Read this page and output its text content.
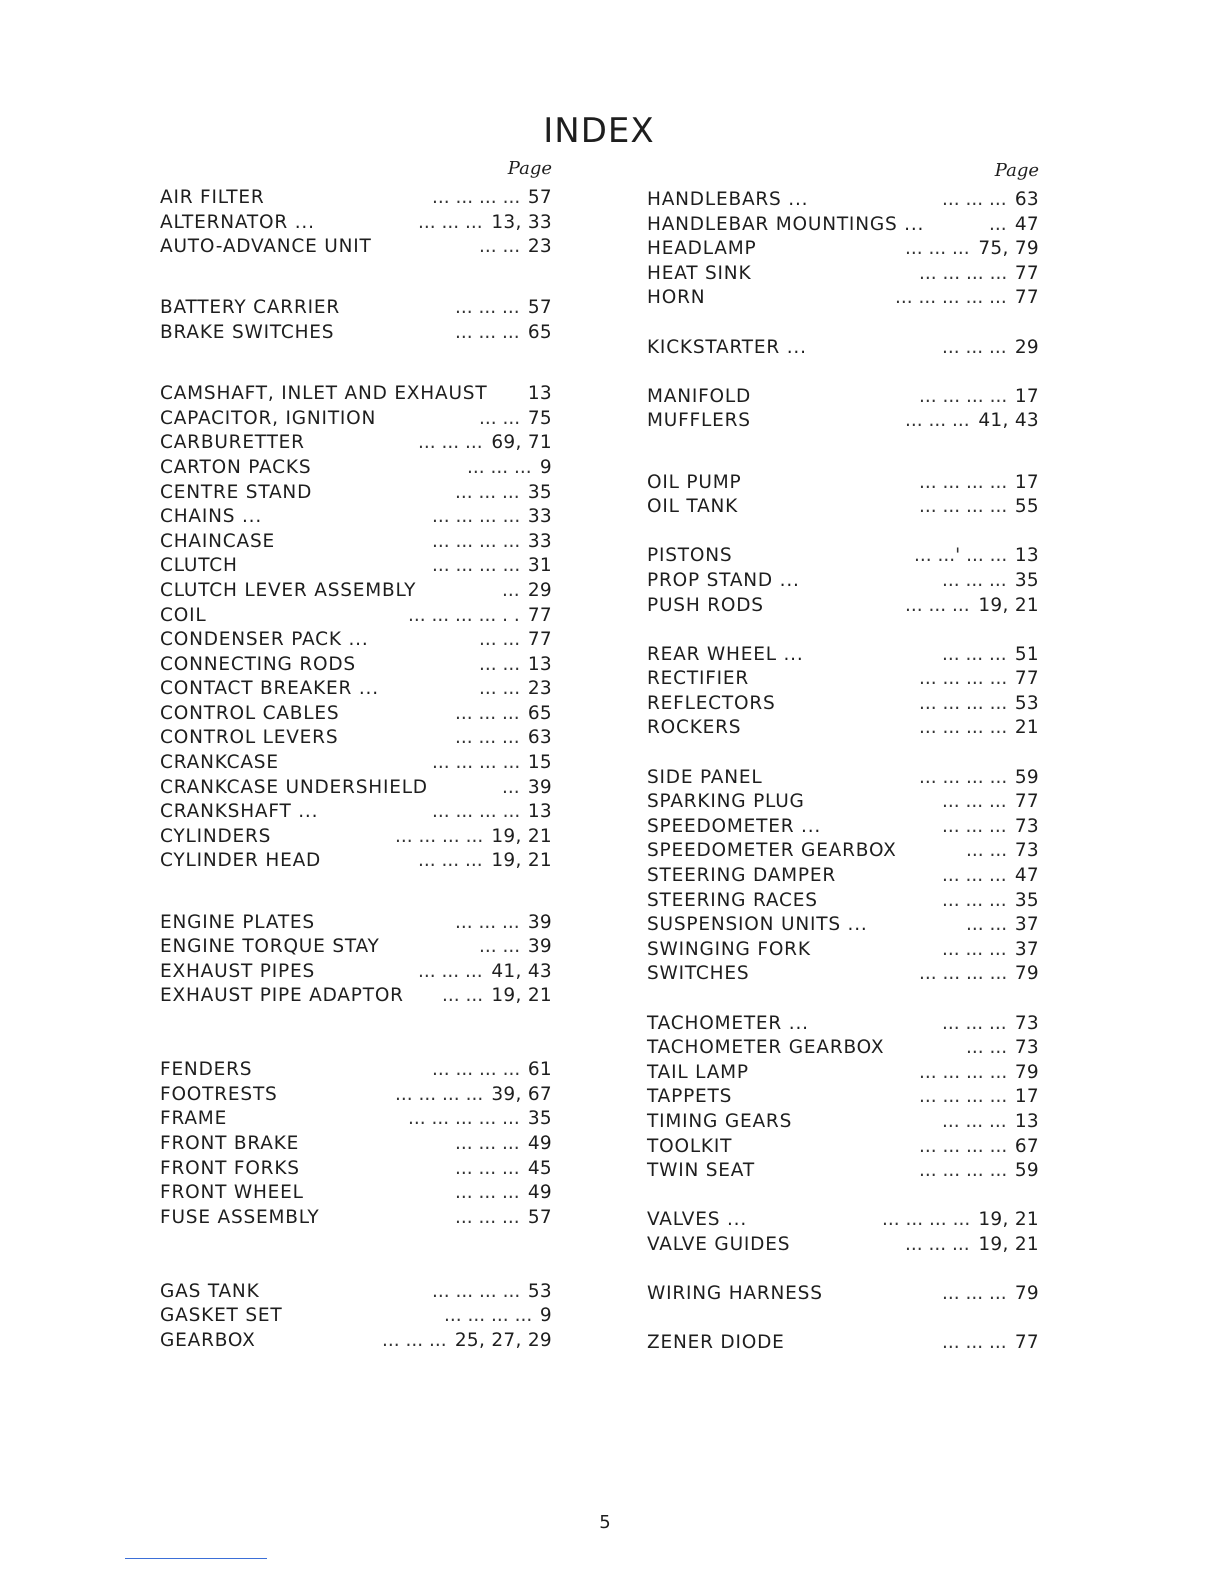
INDEX
Page
AIR FILTER	... ... ... ... 57
ALTERNATOR ...	... ... ... 13, 33
AUTO-ADVANCE UNIT	... ... 23
BATTERY CARRIER	... ... ... 57
BRAKE SWITCHES	... ... ... 65
CAMSHAFT, INLET AND EXHAUST 13
CAPACITOR, IGNITION	... ... 75
CARBURETTER	... ... ... 69, 71
CARTON PACKS	... ... ... 9
CENTRE STAND	... ... ... 35
CHAINS ...	... ... ... ... 33
CHAINCASE	... ... ... ... 33
CLUTCH	... ... ... ... 31
CLUTCH LEVER ASSEMBLY	... 29
COIL	... ... ... ... . . 77
CONDENSER PACK ...	... ... 77
CONNECTING RODS	... ... 13
CONTACT BREAKER ...	... ... 23
CONTROL CABLES	... ... ... 65
CONTROL LEVERS	... ... ... 63
CRANKCASE	... ... ... ... 15
CRANKCASE UNDERSHIELD	... 39
CRANKSHAFT ...	... ... ... ... 13
CYLINDERS	... ... ... ... 19, 21
CYLINDER HEAD	... ... ... 19, 21
ENGINE PLATES	... ... ... 39
ENGINE TORQUE STAY	... ... 39
EXHAUST PIPES	... ... ... 41, 43
EXHAUST PIPE ADAPTOR ... ... 19, 21
FENDERS	... ... ... ... 61
FOOTRESTS	... ... ... ... 39, 67
FRAME	... ... ... ... ... 35
FRONT BRAKE	... ... ... 49
FRONT FORKS	... ... ... 45
FRONT WHEEL	... ... ... 49
FUSE ASSEMBLY	... ... ... 57
GAS TANK	... ... ... ... 53
GASKET SET	... ... ... ... 9
GEARBOX	... ... ... 25, 27, 29
Page
HANDLEBARS ...	... ... ... 63
HANDLEBAR MOUNTINGS ...	... 47
HEADLAMP	... ... ... 75, 79
HEAT SINK	... ... ... ... 77
HORN	... ... ... ... ... 77
KICKSTARTER ...	... ... ... 29
MANIFOLD	... ... ... ... 17
MUFFLERS	... ... ... 41, 43
OIL PUMP	... ... ... ... 17
OIL TANK	... ... ... ... 55
PISTONS	... ...' ... ... 13
PROP STAND ...	... ... ... 35
PUSH RODS	... ... ... 19, 21
REAR WHEEL ...	... ... ... 51
RECTIFIER	... ... ... ... 77
REFLECTORS	... ... ... ... 53
ROCKERS	... ... ... ... 21
SIDE PANEL	... ... ... ... 59
SPARKING PLUG	... ... ... 77
SPEEDOMETER ...	... ... ... 73
SPEEDOMETER GEARBOX	... ... 73
STEERING DAMPER	... ... ... 47
STEERING RACES	... ... ... 35
SUSPENSION UNITS ...	... ... 37
SWINGING FORK	... ... ... 37
SWITCHES	... ... ... ... 79
TACHOMETER ...	... ... ... 73
TACHOMETER GEARBOX	... ... 73
TAIL LAMP	... ... ... ... 79
TAPPETS	... ... ... ... 17
TIMING GEARS	... ... ... 13
TOOLKIT	... ... ... ... 67
TWIN SEAT	... ... ... ... 59
VALVES ...	... ... ... ... 19, 21
VALVE GUIDES	... ... ... 19, 21
WIRING HARNESS	... ... ... 79
ZENER DIODE	... ... ... 77
5
